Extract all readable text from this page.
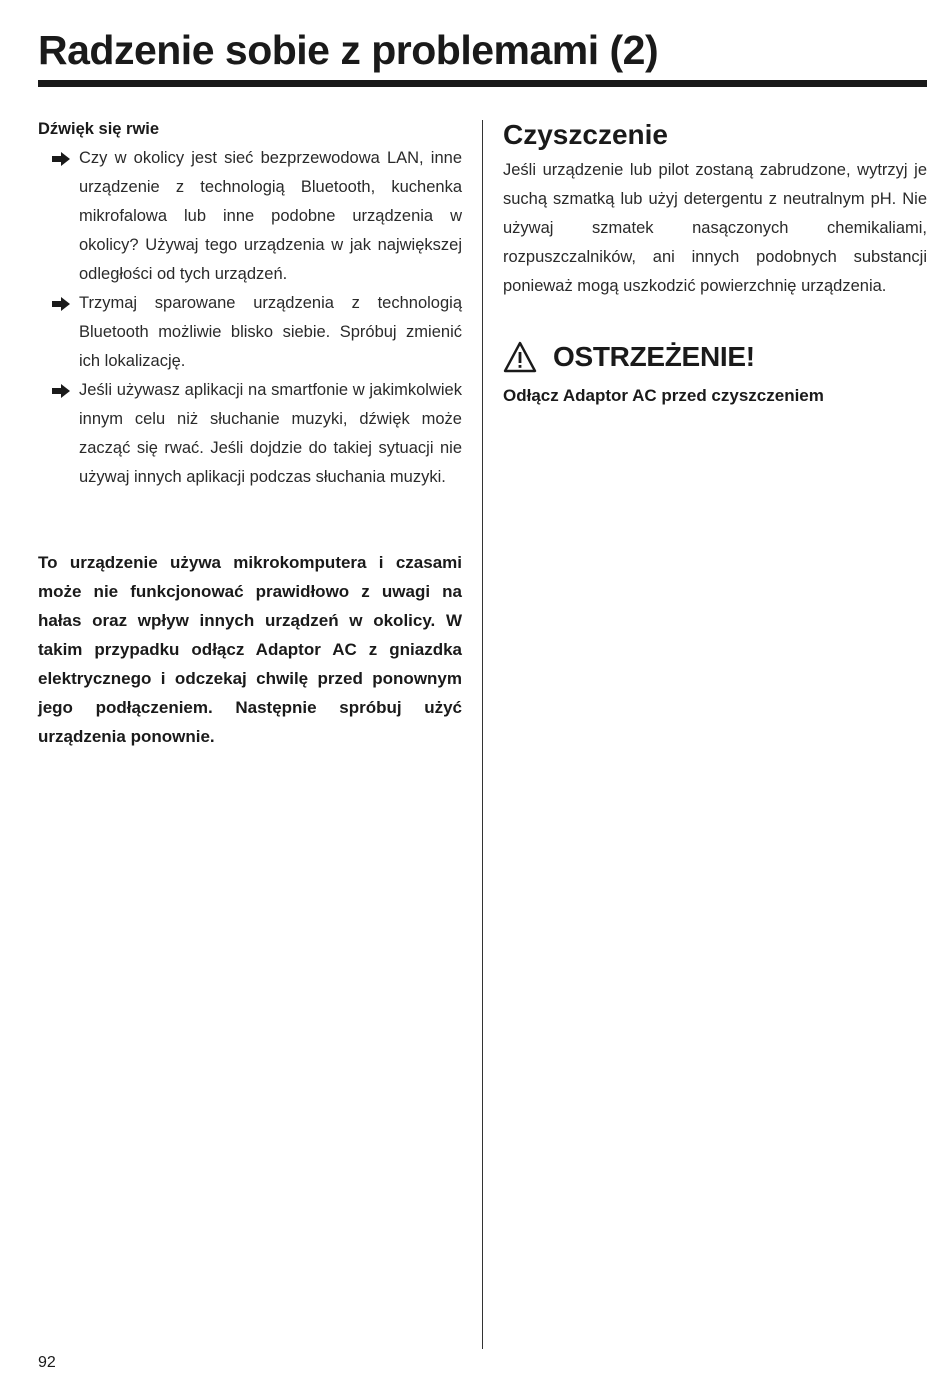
Radzenie sobie z problemami (2)
Dźwięk się rwie
Czy w okolicy jest sieć bezprzewodowa LAN, inne urządzenie z technologią Bluetooth, kuchenka mikrofalowa lub inne podobne urządzenia w okolicy? Używaj tego urządzenia w jak największej odległości od tych urządzeń.
Trzymaj sparowane urządzenia z technologią Bluetooth możliwie blisko siebie. Spróbuj zmienić ich lokalizację.
Jeśli używasz aplikacji na smartfonie w jakimkolwiek innym celu niż słuchanie muzyki, dźwięk może zacząć się rwać. Jeśli dojdzie do takiej sytuacji nie używaj innych aplikacji podczas słuchania muzyki.
To urządzenie używa mikrokomputera i czasami może nie funkcjonować prawidłowo z uwagi na hałas oraz wpływ innych urządzeń w okolicy. W takim przypadku odłącz Adaptor AC z gniazdka elektrycznego i odczekaj chwilę przed ponownym jego podłączeniem. Następnie spróbuj użyć urządzenia ponownie.
Czyszczenie

Jeśli urządzenie lub pilot zostaną zabrudzone, wytrzyj je suchą szmatką lub użyj detergentu z neutralnym pH. Nie używaj szmatek nasączonych chemikaliami, rozpuszczalników, ani innych podobnych substancji ponieważ mogą uszkodzić powierzchnię urządzenia.

OSTRZEŻENIE!
Odłącz Adaptor AC przed czyszczeniem
92
